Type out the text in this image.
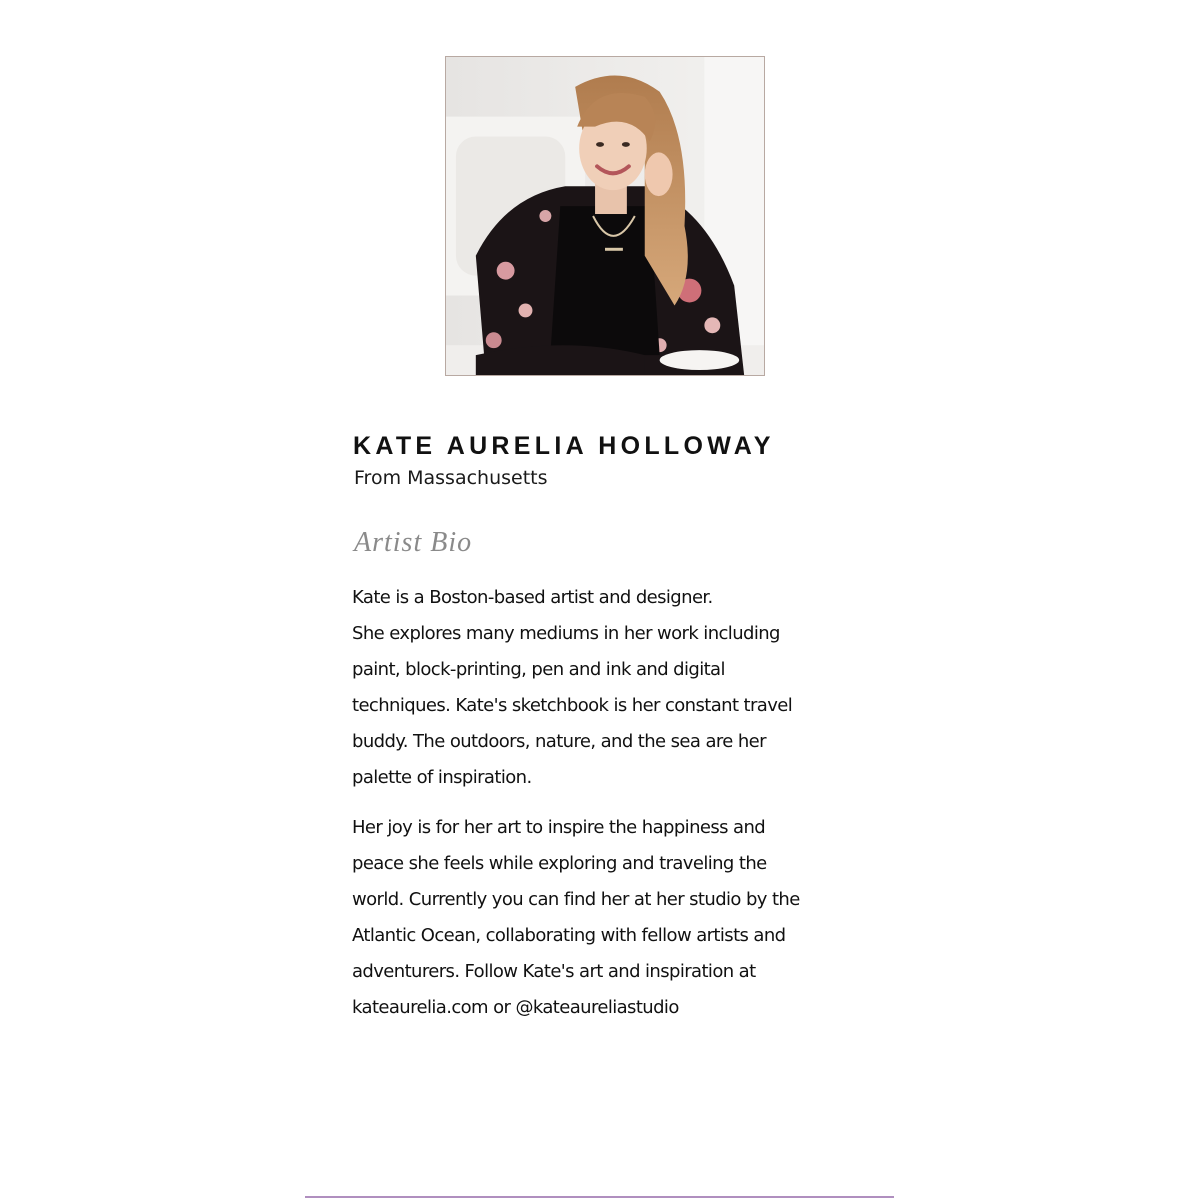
KATE AURELIA HOLLOWAY

From Massachusetts

Artist Bio

Kate is a Boston-based artist and designer.
She explores many mediums in her work including
paint, block-printing, pen and ink and digital
techniques. Kate's sketchbook is her constant travel
buddy. The outdoors, nature, and the sea are her
palette of inspiration.

Her joy is for her art to inspire the happiness and
peace she feels while exploring and traveling the
world. Currently you can find her at her studio by the
Atlantic Ocean, collaborating with fellow artists and
adventurers. Follow Kate's art and inspiration at
kateaurelia.com or @kateaureliastudio
